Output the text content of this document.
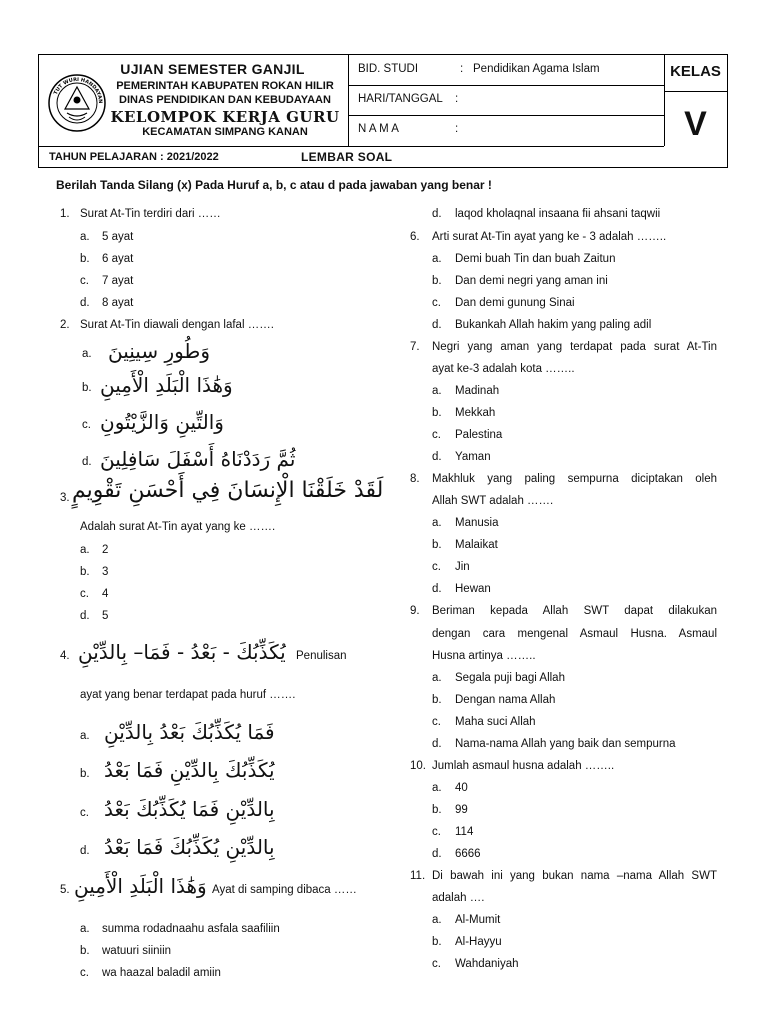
TUT WURI HANDAYAN
UJIAN SEMESTER GANJIL
PEMERINTAH KABUPATEN ROKAN HILIR
DINAS PENDIDIKAN DAN KEBUDAYAAN
KELOMPOK KERJA GURU
KECAMATAN SIMPANG KANAN
BID. STUDI	: Pendidikan Agama Islam
HARI/TANGGAL :
N A M A	:
KELAS
V
TAHUN PELAJARAN : 2021/2022	LEMBAR SOAL
Berilah Tanda Silang (x) Pada Huruf a, b, c atau d pada jawaban yang benar !
1. Surat At-Tin terdiri dari ……
a. 5 ayat
b. 6 ayat
c. 7 ayat
d. 8 ayat
2. Surat At-Tin diawali dengan lafal …….
a. وَطُورِ سِينِينَ
b. وَهَٰذَا الْبَلَدِ الْأَمِينِ
c. وَالتِّينِ وَالزَّيْتُونِ
d. ثُمَّ رَدَدْنَاهُ أَسْفَلَ سَافِلِينَ
3. لَقَدْ خَلَقْنَا الْإِنسَانَ فِي أَحْسَنِ تَقْوِيمٍ
Adalah surat At-Tin ayat yang ke …….
a. 2
b. 3
c. 4
d. 5
4. يُكَذِّبُكَ - بَعْدُ - فَمَا– بِالدِّيْنِ Penulisan
ayat yang benar terdapat pada huruf …….
a. فَمَا يُكَذِّبُكَ بَعْدُ بِالدِّيْنِ
b. يُكَذِّبُكَ بِالدِّيْنِ فَمَا بَعْدُ
c. بِالدِّيْنِ فَمَا يُكَذِّبُكَ بَعْدُ
d. بِالدِّيْنِ يُكَذِّبُكَ فَمَا بَعْدُ
5. وَهَٰذَا الْبَلَدِ الْأَمِينِ Ayat di samping dibaca ……
a. summa rodadnaahu asfala saafiliin
b. watuuri siiniin
c. wa haazal baladil amiin
d. laqod kholaqnal insaana fii ahsani taqwii
6. Arti surat At-Tin ayat yang ke - 3 adalah ……..
a. Demi buah Tin dan buah Zaitun
b. Dan demi negri yang aman ini
c. Dan demi gunung Sinai
d. Bukankah Allah hakim yang paling adil
7. Negri yang aman yang terdapat pada surat At-Tin
ayat ke-3 adalah kota ……..
a. Madinah
b. Mekkah
c. Palestina
d. Yaman
8. Makhluk yang paling sempurna diciptakan oleh
Allah SWT adalah …….
a. Manusia
b. Malaikat
c. Jin
d. Hewan
9. Beriman kepada Allah SWT dapat dilakukan
dengan cara mengenal Asmaul Husna. Asmaul
Husna artinya ……..
a. Segala puji bagi Allah
b. Dengan nama Allah
c. Maha suci Allah
d. Nama-nama Allah yang baik dan sempurna
10. Jumlah asmaul husna adalah ……..
a. 40
b. 99
c. 114
d. 6666
11. Di bawah ini yang bukan nama –nama Allah SWT
adalah ….
a. Al-Mumit
b. Al-Hayyu
c. Wahdaniyah
